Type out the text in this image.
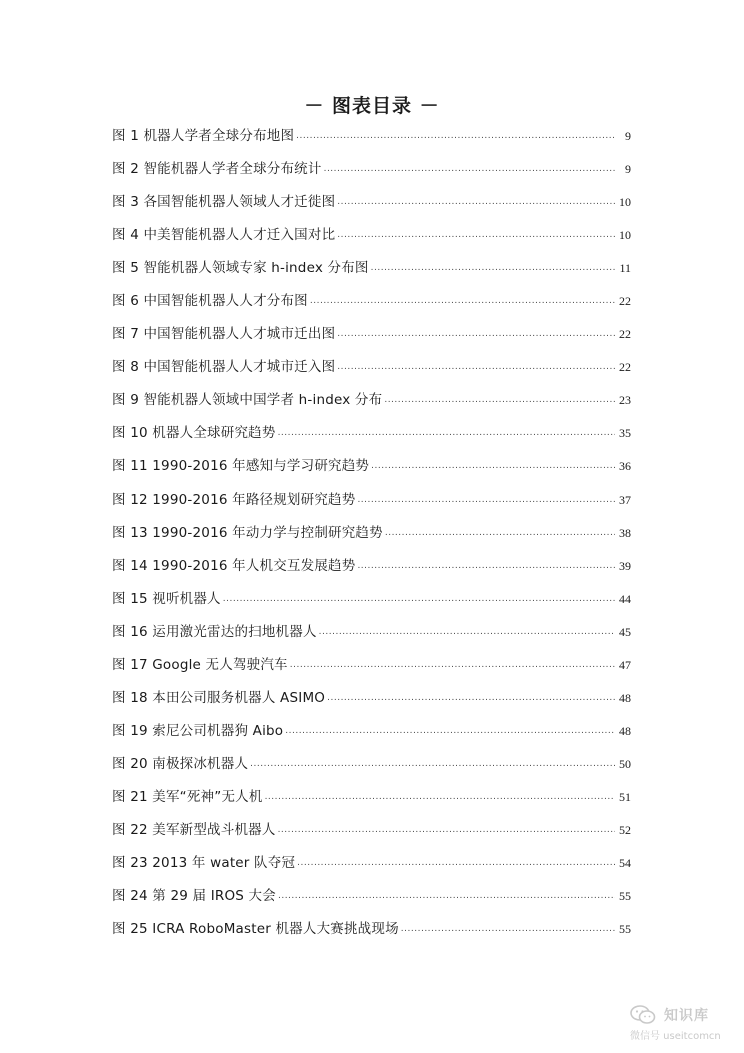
－ 图表目录 －
图 1 机器人学者全球分布地图 .....	9
图 2 智能机器人学者全球分布统计 .....	9
图 3 各国智能机器人领域人才迁徙图 .....	10
图 4 中美智能机器人人才迁入国对比 .....	10
图 5 智能机器人领域专家 h-index 分布图 .....	11
图 6 中国智能机器人人才分布图 .....	22
图 7 中国智能机器人人才城市迁出图 .....	22
图 8 中国智能机器人人才城市迁入图 .....	22
图 9 智能机器人领域中国学者 h-index 分布 .....	23
图 10 机器人全球研究趋势 .....	35
图 11 1990-2016 年感知与学习研究趋势 .....	36
图 12 1990-2016 年路径规划研究趋势 .....	37
图 13 1990-2016 年动力学与控制研究趋势 .....	38
图 14 1990-2016 年人机交互发展趋势 .....	39
图 15 视听机器人 .....	44
图 16 运用激光雷达的扫地机器人 .....	45
图 17 Google 无人驾驶汽车 .....	47
图 18 本田公司服务机器人 ASIMO .....	48
图 19 索尼公司机器狗 Aibo .....	48
图 20 南极探冰机器人 .....	50
图 21 美军“死神”无人机 .....	51
图 22 美军新型战斗机器人 .....	52
图 23 2013 年 water 队夺冠 .....	54
图 24 第 29 届 IROS 大会 .....	55
图 25 ICRA RoboMaster 机器人大赛挑战现场 .....	55
知识库
微信号 useitcomcn
